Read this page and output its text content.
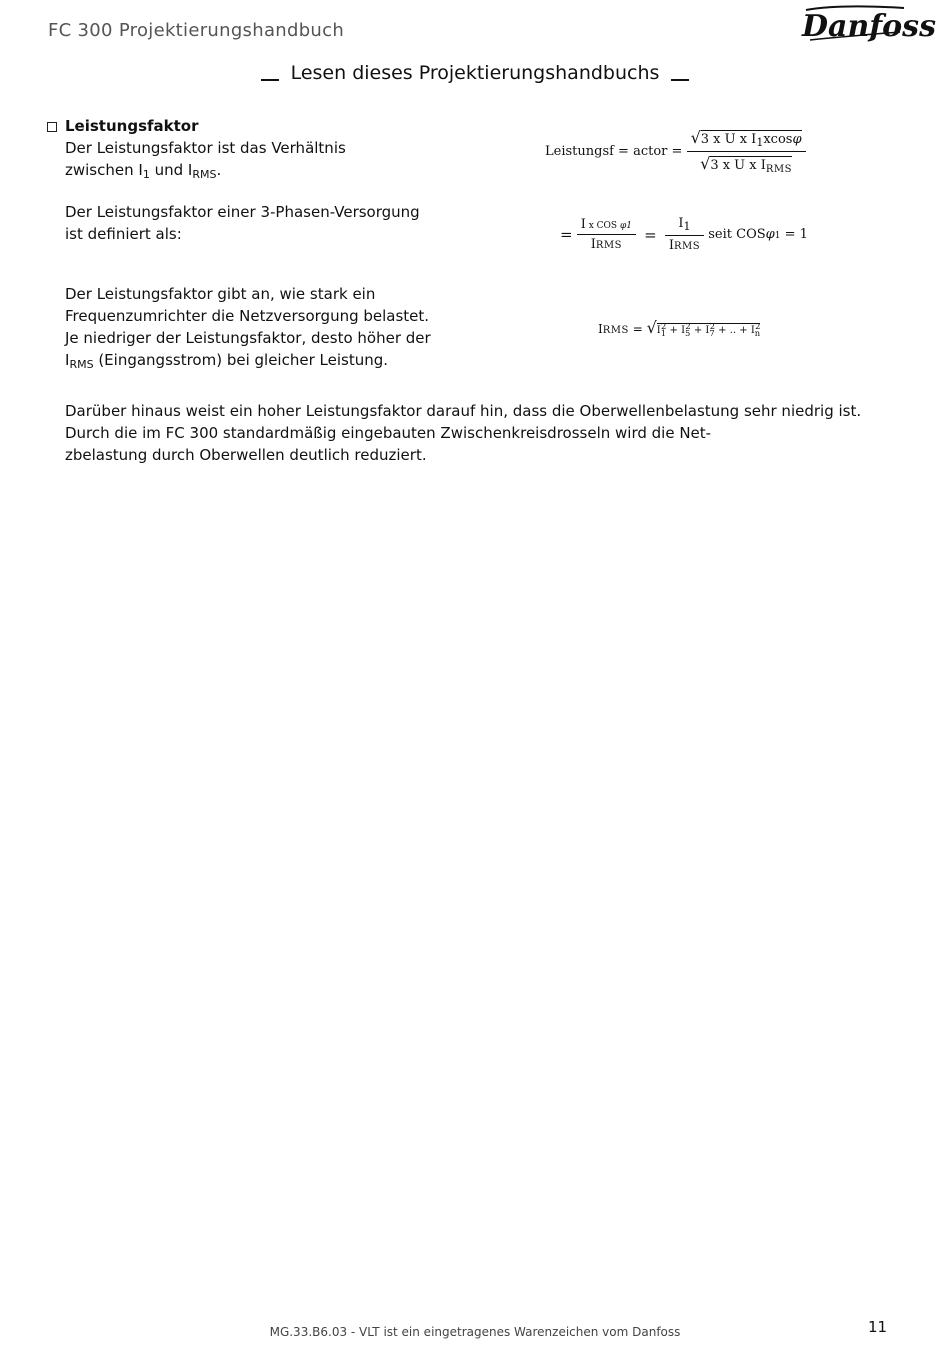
FC 300 Projektierungshandbuch	Danfoss
Lesen dieses Projektierungshandbuchs
Leistungsfaktor
Der Leistungsfaktor ist das Verhältnis
zwischen $I_1$ und $I_{RMS}$.
Der Leistungsfaktor einer 3-Phasen-Versorgung
ist definiert als:
Der Leistungsfaktor gibt an, wie stark ein
Frequenzumrichter die Netzversorgung belastet.
Je niedriger der Leistungsfaktor, desto höher der
$I_{RMS}$ (Eingangsstrom) bei gleicher Leistung.
Darüber hinaus weist ein hoher Leistungsfaktor darauf hin, dass die Oberwellenbelastung sehr niedrig ist.
Durch die im FC 300 standardmäßig eingebauten Zwischenkreisdrosseln wird die Net-
zbelastung durch Oberwellen deutlich reduziert.
Leistungsf = actor = $\frac{√3 x U x I_1xcos\varphi}{√3 x U x I_{RMS}}$
= $\frac{\text{I x COS φ1}}{\text{IRMS}} = \frac{I_1}{\text{IRMS}}$ seit COSφ1 = 1
IRMS = $√I_1^2 + I_5^2 + I_7^2$ + .. + $I_n^2$
MG.33.B6.03 - VLT ist ein eingetragenes Warenzeichen vom Danfoss	11
